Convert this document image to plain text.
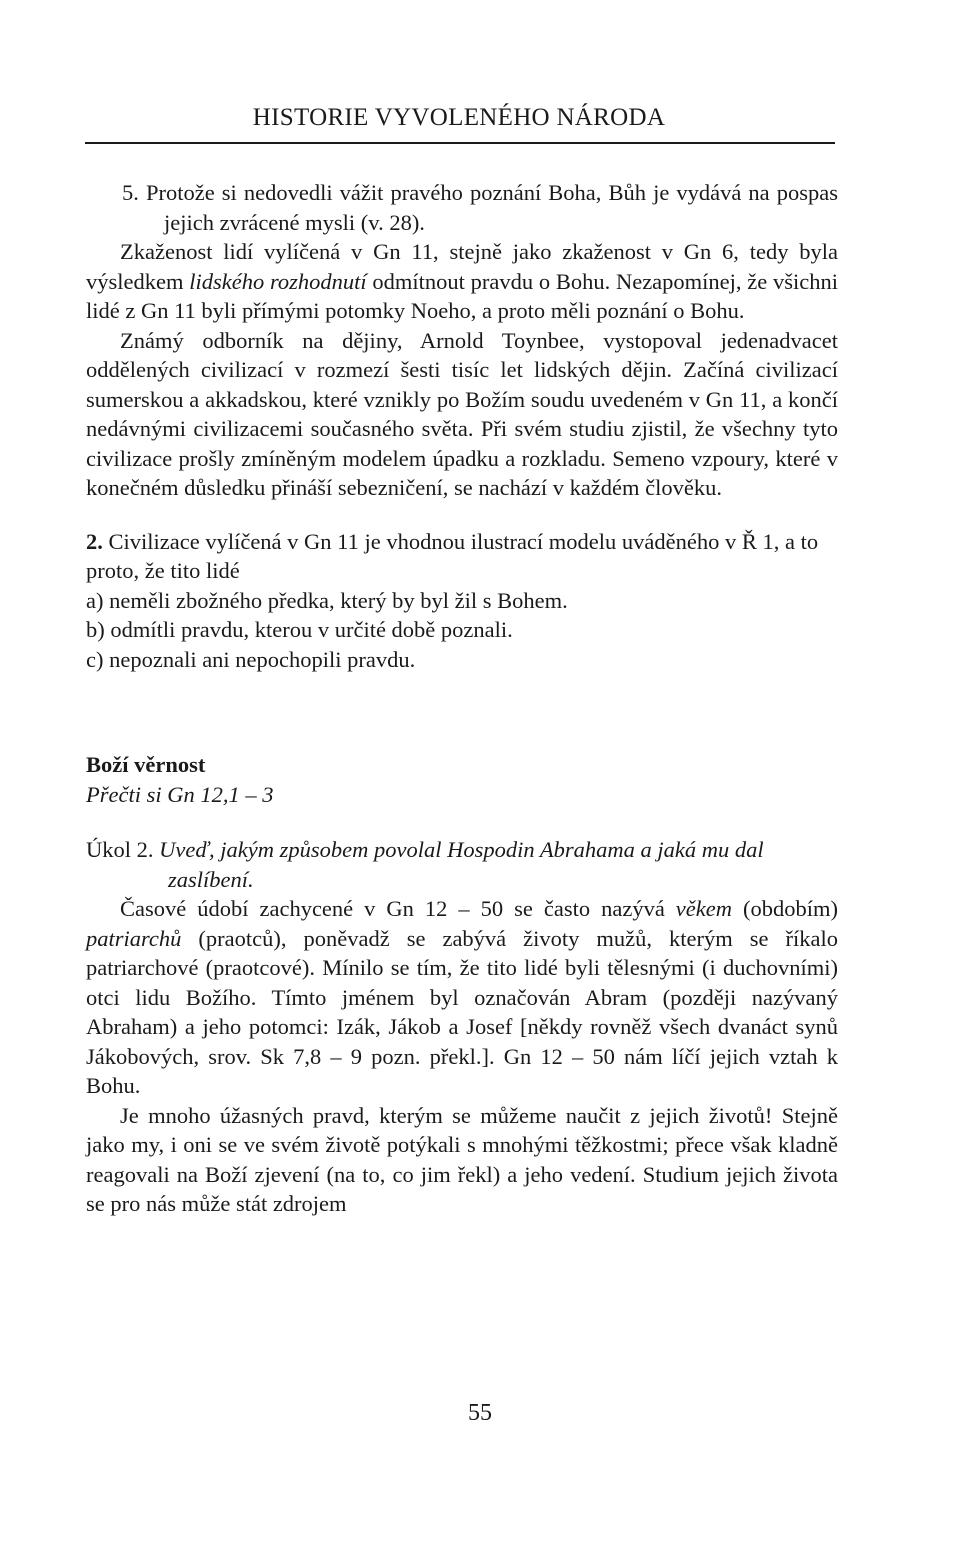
HISTORIE VYVOLENÉHO NÁRODA

5. Protože si nedovedli vážit pravého poznání Boha, Bůh je vydává na pospas jejich zvrácené mysli (v. 28).

Zkaženost lidí vylíčená v Gn 11, stejně jako zkaženost v Gn 6, tedy byla výsledkem lidského rozhodnutí odmítnout pravdu o Bohu. Nezapomínej, že všichni lidé z Gn 11 byli přímými potomky Noeho, a proto měli poznání o Bohu.

Známý odborník na dějiny, Arnold Toynbee, vystopoval jedenadvacet oddělených civilizací v rozmezí šesti tisíc let lidských dějin. Začíná civilizací sumerskou a akkadskou, které vznikly po Božím soudu uvedeném v Gn 11, a končí nedávnými civilizacemi současného světa. Při svém studiu zjistil, že všechny tyto civilizace prošly zmíněným modelem úpadku a rozkladu. Semeno vzpoury, které v konečném důsledku přináší sebezničení, se nachází v každém člověku.

2. Civilizace vylíčená v Gn 11 je vhodnou ilustrací modelu uváděného v Ř 1, a to proto, že tito lidé

a) neměli zbožného předka, který by byl žil s Bohem.

b) odmítli pravdu, kterou v určité době poznali.

c) nepoznali ani nepochopili pravdu.

Boží věrnost

Přečti si Gn 12,1 – 3

Úkol 2. Uveď, jakým způsobem povolal Hospodin Abrahama a jaká mu dal zaslíbení.

Časové údobí zachycené v Gn 12 – 50 se často nazývá věkem (obdobím) patriarchů (praotců), poněvadž se zabývá životy mužů, kterým se říkalo patriarchové (praotcové). Mínilo se tím, že tito lidé byli tělesnými (i duchovními) otci lidu Božího. Tímto jménem byl označován Abram (později nazývaný Abraham) a jeho potomci: Izák, Jákob a Josef [někdy rovněž všech dvanáct synů Jákobových, srov. Sk 7,8 – 9 pozn. překl.]. Gn 12 – 50 nám líčí jejich vztah k Bohu.

Je mnoho úžasných pravd, kterým se můžeme naučit z jejich životů! Stejně jako my, i oni se ve svém životě potýkali s mnohými těžkostmi; přece však kladně reagovali na Boží zjevení (na to, co jim řekl) a jeho vedení. Studium jejich života se pro nás může stát zdrojem

55
